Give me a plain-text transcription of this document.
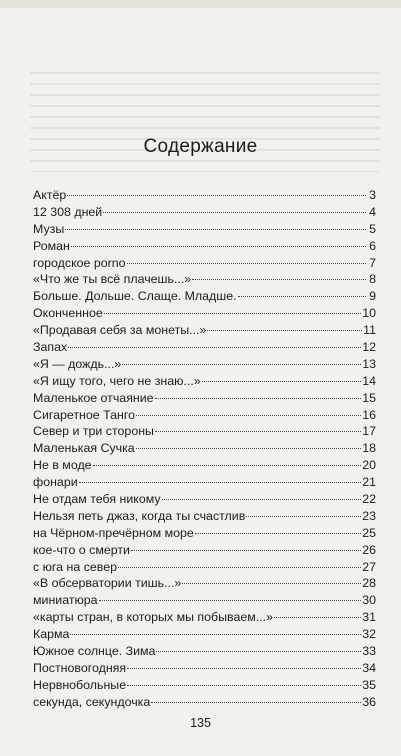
Содержание
Актёр	3
12 308 дней	4
Музы	5
Роман	6
городское porno	7
«Что же ты всё плачешь...»	8
Больше. Дольше. Слаще. Младше.	9
Оконченное	10
«Продавая себя за монеты...»	11
Запах	12
«Я — дождь...»	13
«Я ищу того, чего не знаю...»	14
Маленькое отчаяние	15
Сигаретное Танго	16
Север и три стороны	17
Маленькая Сучка	18
Не в моде	20
фонари	21
Не отдам тебя никому	22
Нельзя петь джаз, когда ты счастлив	23
на Чёрном-пречёрном море	25
кое-что о смерти	26
с юга на север	27
«В обсерватории тишь...»	28
миниатюра	30
«карты стран, в которых мы побываем...»	31
Карма	32
Южное солнце. Зима	33
Постновогодняя	34
Нервнобольные	35
секунда, секундочка	36
135
